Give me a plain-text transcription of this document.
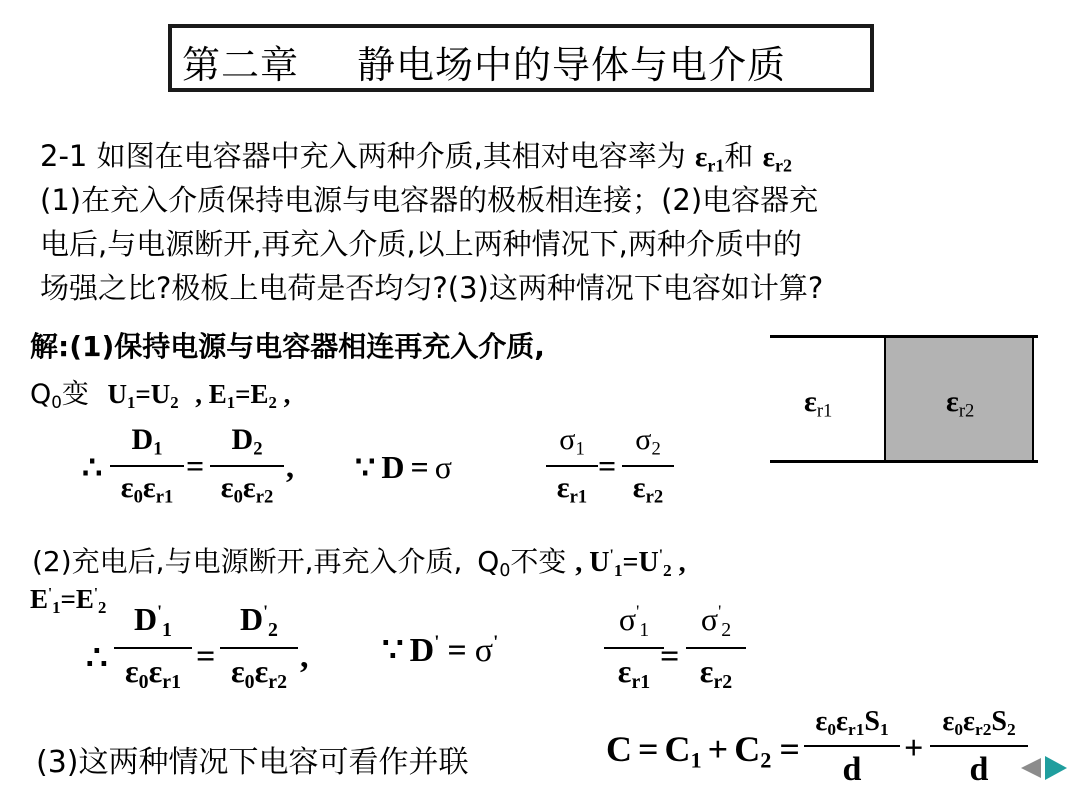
第二章 静电场中的导体与电介质
2-1 如图在电容器中充入两种介质,其相对电容率为 $\varepsilon_{r1}$和 $\varepsilon_{r2}$
(1)在充入介质保持电源与电容器的极板相连接；(2)电容器充
电后,与电源断开,再充入介质,以上两种情况下,两种介质中的
场强之比?极板上电荷是否均匀?(3)这两种情况下电容如计算?
解:(1)保持电源与电容器相连再充入介质,
$Q_0$变 $U_1=U_2$ , $E_1=E_2$ ,
∴
$D_1$
$\varepsilon_0\varepsilon_{r1}$
=
$D_2$
$\varepsilon_0\varepsilon_{r2}$
, ∵ D = σ
$\sigma_1$
$\varepsilon_{r1}$
=
$\sigma_2$
$\varepsilon_{r2}$
$\varepsilon_{r1}$	$\varepsilon_{r2}$
(2)充电后,与电源断开,再充入介质, $Q_0$不变 , $U'_1=U'_2$ ,
$E'_1=E'_2$
∴
$D'_1$
$\varepsilon_0\varepsilon_{r1}$
=
$D'_2$
$\varepsilon_0\varepsilon_{r2}$
, ∵ D' = σ'
$\sigma'_1$
$\varepsilon_{r1}$
=
$\sigma'_2$
$\varepsilon_{r2}$
(3)这两种情况下电容可看作并联	$C = C_1 + C_2$ =
$\varepsilon_0\varepsilon_{r1}S_1$
d
+
$\varepsilon_0\varepsilon_{r2}S_2$
d
